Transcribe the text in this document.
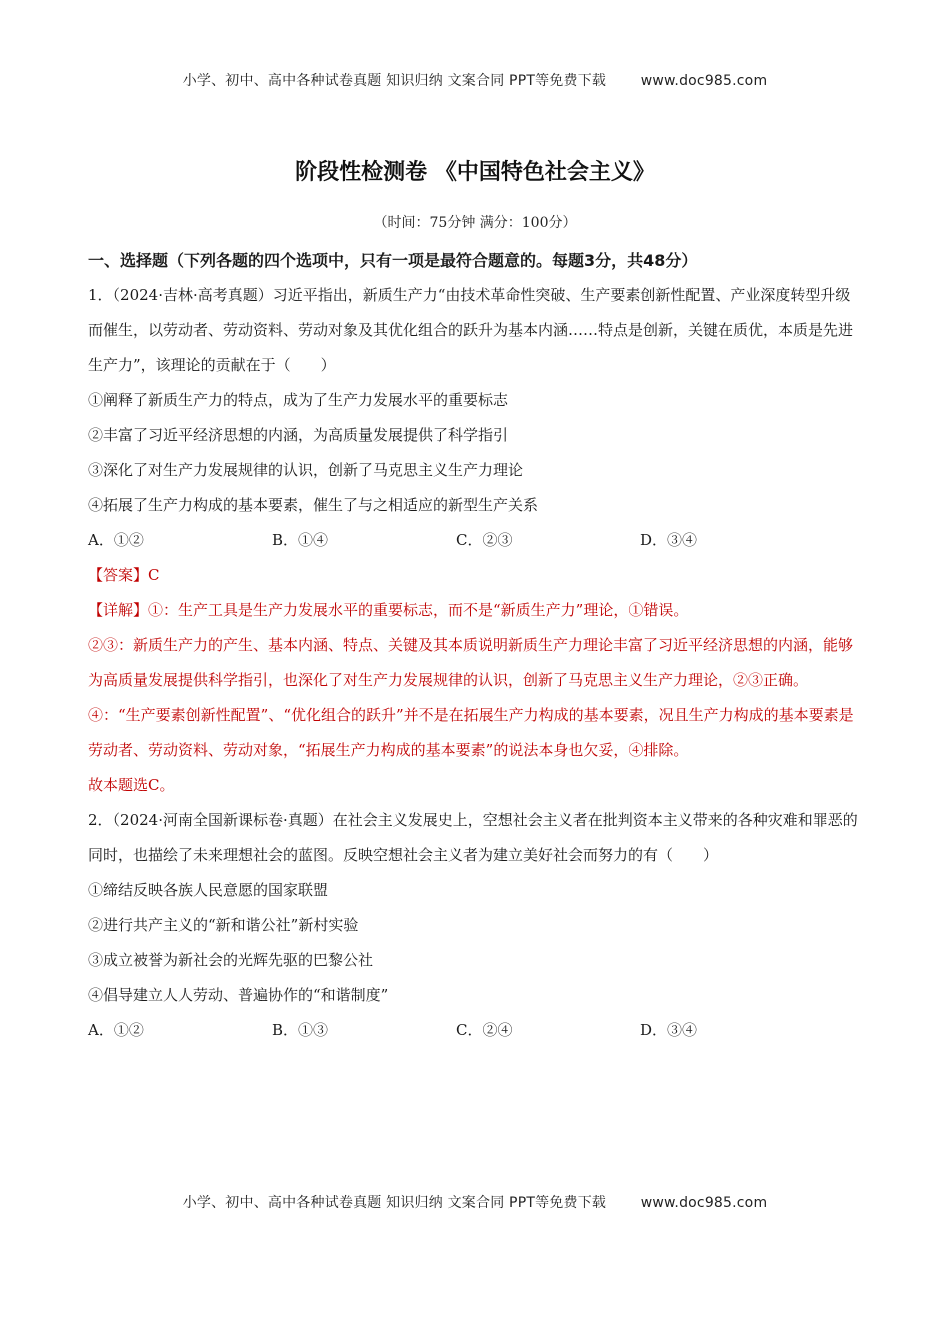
小学、初中、高中各种试卷真题 知识归纳 文案合同 PPT等免费下载 www.doc985.com
阶段性检测卷 《中国特色社会主义》
（时间：75分钟 满分：100分）

一、选择题（下列各题的四个选项中，只有一项是最符合题意的。每题3分，共48分）

1．（2024·吉林·高考真题）习近平指出，新质生产力“由技术革命性突破、生产要素创新性配置、产业深度转型升级而催生，以劳动者、劳动资料、劳动对象及其优化组合的跃升为基本内涵……特点是创新，关键在质优，本质是先进生产力”，该理论的贡献在于（　　）

①阐释了新质生产力的特点，成为了生产力发展水平的重要标志

②丰富了习近平经济思想的内涵，为高质量发展提供了科学指引

③深化了对生产力发展规律的认识，创新了马克思主义生产力理论

④拓展了生产力构成的基本要素，催生了与之相适应的新型生产关系

A．①②	B．①④	C．②③	D．③④

【答案】C

【详解】①：生产工具是生产力发展水平的重要标志，而不是“新质生产力”理论，①错误。

②③：新质生产力的产生、基本内涵、特点、关键及其本质说明新质生产力理论丰富了习近平经济思想的内涵，能够为高质量发展提供科学指引，也深化了对生产力发展规律的认识，创新了马克思主义生产力理论，②③正确。

④：“生产要素创新性配置”、“优化组合的跃升”并不是在拓展生产力构成的基本要素，况且生产力构成的基本要素是劳动者、劳动资料、劳动对象，“拓展生产力构成的基本要素”的说法本身也欠妥，④排除。

故本题选C。

2．（2024·河南全国新课标卷·真题）在社会主义发展史上，空想社会主义者在批判资本主义带来的各种灾难和罪恶的同时，也描绘了未来理想社会的蓝图。反映空想社会主义者为建立美好社会而努力的有（　　）

①缔结反映各族人民意愿的国家联盟

②进行共产主义的“新和谐公社”新村实验

③成立被誉为新社会的光辉先驱的巴黎公社

④倡导建立人人劳动、普遍协作的“和谐制度”

A．①②	B．①③	C．②④	D．③④
小学、初中、高中各种试卷真题 知识归纳 文案合同 PPT等免费下载 www.doc985.com
